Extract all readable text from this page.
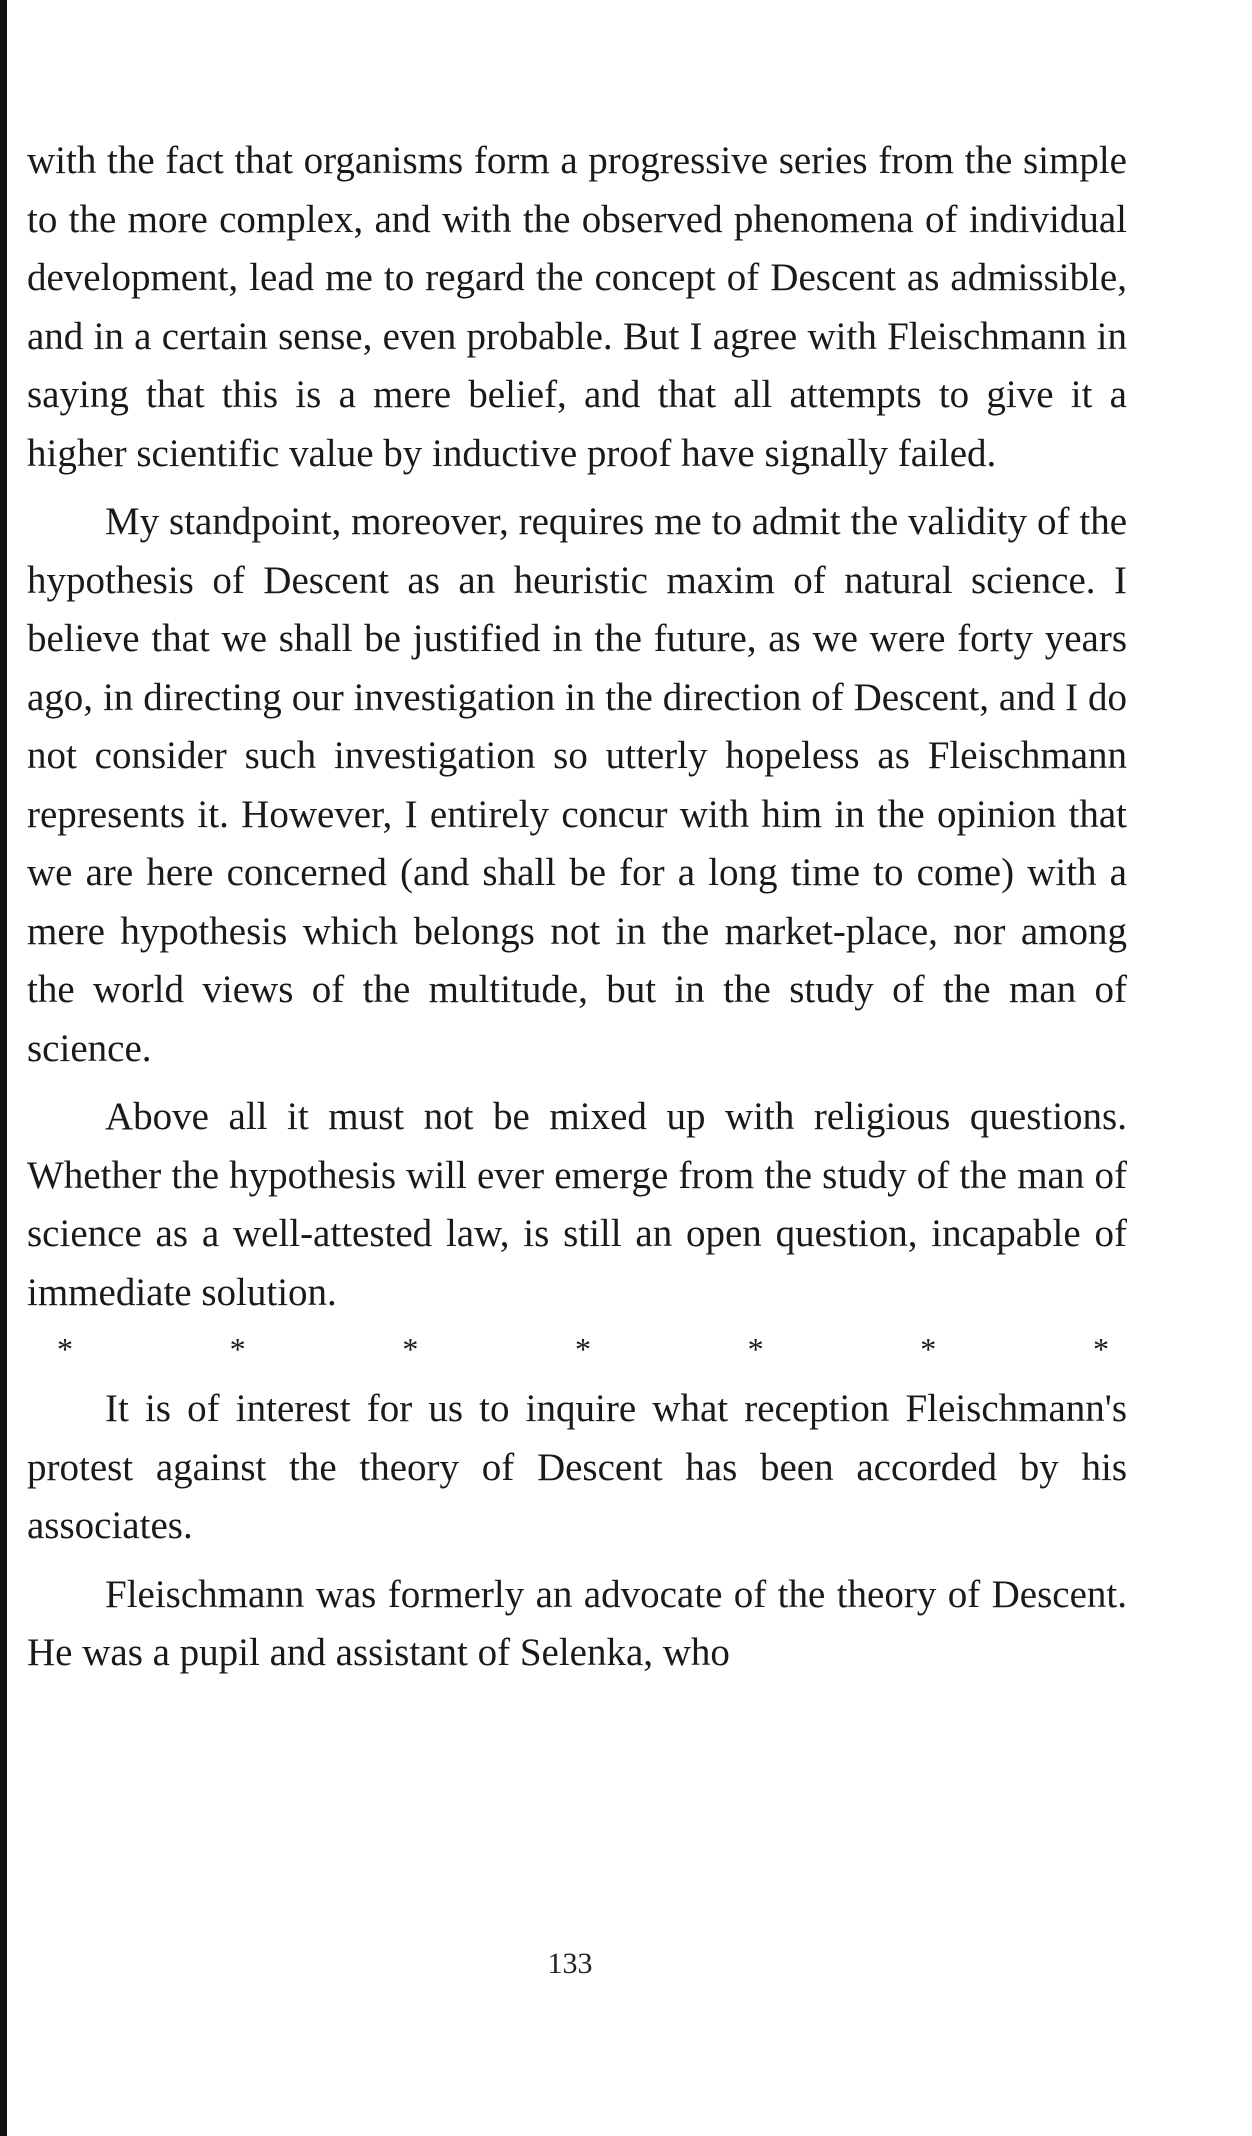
with the fact that organisms form a progressive series from the simple to the more complex, and with the observed phenomena of individual development, lead me to regard the concept of Descent as admissible, and in a certain sense, even probable. But I agree with Fleischmann in saying that this is a mere belief, and that all attempts to give it a higher scientific value by inductive proof have signally failed.

My standpoint, moreover, requires me to admit the validity of the hypothesis of Descent as an heuristic maxim of natural science. I believe that we shall be justified in the future, as we were forty years ago, in directing our investigation in the direction of Descent, and I do not consider such investigation so utterly hopeless as Fleischmann represents it. However, I entirely concur with him in the opinion that we are here concerned (and shall be for a long time to come) with a mere hypothesis which belongs not in the market-place, nor among the world views of the multitude, but in the study of the man of science.

Above all it must not be mixed up with religious questions. Whether the hypothesis will ever emerge from the study of the man of science as a well-attested law, is still an open question, incapable of immediate solution.

*	*	*	*	*	*	*

It is of interest for us to inquire what reception Fleischmann's protest against the theory of Descent has been accorded by his associates.

Fleischmann was formerly an advocate of the theory of Descent. He was a pupil and assistant of Selenka, who

133
